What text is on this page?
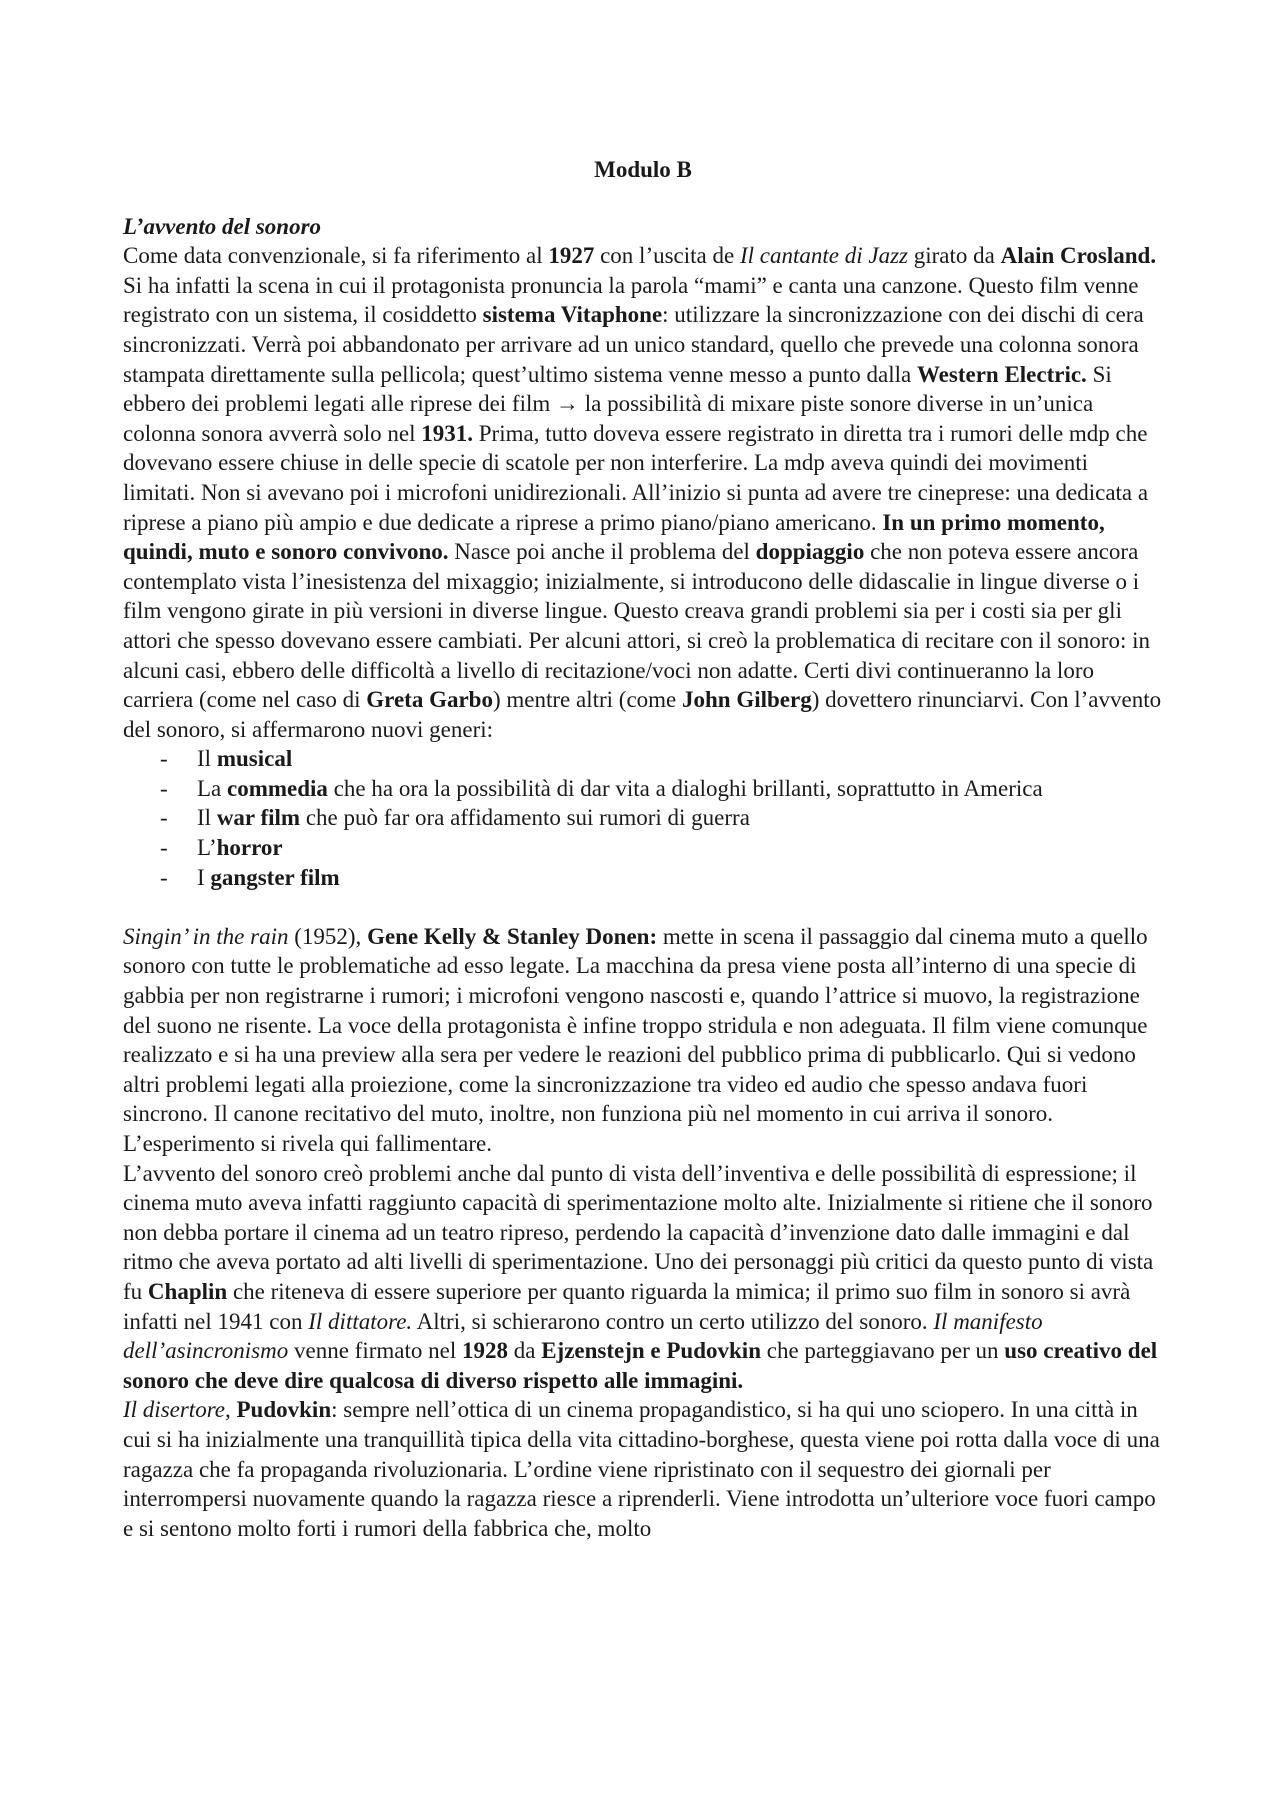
Modulo B

L’avvento del sonoro

Come data convenzionale, si fa riferimento al 1927 con l’uscita de Il cantante di Jazz girato da Alain Crosland. Si ha infatti la scena in cui il protagonista pronuncia la parola “mami” e canta una canzone. Questo film venne registrato con un sistema, il cosiddetto sistema Vitaphone: utilizzare la sincronizzazione con dei dischi di cera sincronizzati. Verrà poi abbandonato per arrivare ad un unico standard, quello che prevede una colonna sonora stampata direttamente sulla pellicola; quest’ultimo sistema venne messo a punto dalla Western Electric. Si ebbero dei problemi legati alle riprese dei film → la possibilità di mixare piste sonore diverse in un’unica colonna sonora avverrà solo nel 1931. Prima, tutto doveva essere registrato in diretta tra i rumori delle mdp che dovevano essere chiuse in delle specie di scatole per non interferire. La mdp aveva quindi dei movimenti limitati. Non si avevano poi i microfoni unidirezionali. All’inizio si punta ad avere tre cineprese: una dedicata a riprese a piano più ampio e due dedicate a riprese a primo piano/piano americano. In un primo momento, quindi, muto e sonoro convivono. Nasce poi anche il problema del doppiaggio che non poteva essere ancora contemplato vista l’inesistenza del mixaggio; inizialmente, si introducono delle didascalie in lingue diverse o i film vengono girate in più versioni in diverse lingue. Questo creava grandi problemi sia per i costi sia per gli attori che spesso dovevano essere cambiati. Per alcuni attori, si creò la problematica di recitare con il sonoro: in alcuni casi, ebbero delle difficoltà a livello di recitazione/voci non adatte. Certi divi continueranno la loro carriera (come nel caso di Greta Garbo) mentre altri (come John Gilberg) dovettero rinunciarvi. Con l’avvento del sonoro, si affermarono nuovi generi:

- Il musical
- La commedia che ha ora la possibilità di dar vita a dialoghi brillanti, soprattutto in America
- Il war film che può far ora affidamento sui rumori di guerra
- L’horror
- I gangster film

Singin’ in the rain (1952), Gene Kelly & Stanley Donen: mette in scena il passaggio dal cinema muto a quello sonoro con tutte le problematiche ad esso legate. La macchina da presa viene posta all’interno di una specie di gabbia per non registrarne i rumori; i microfoni vengono nascosti e, quando l’attrice si muovo, la registrazione del suono ne risente. La voce della protagonista è infine troppo stridula e non adeguata. Il film viene comunque realizzato e si ha una preview alla sera per vedere le reazioni del pubblico prima di pubblicarlo. Qui si vedono altri problemi legati alla proiezione, come la sincronizzazione tra video ed audio che spesso andava fuori sincrono. Il canone recitativo del muto, inoltre, non funziona più nel momento in cui arriva il sonoro. L’esperimento si rivela qui fallimentare.

L’avvento del sonoro creò problemi anche dal punto di vista dell’inventiva e delle possibilità di espressione; il cinema muto aveva infatti raggiunto capacità di sperimentazione molto alte. Inizialmente si ritiene che il sonoro non debba portare il cinema ad un teatro ripreso, perdendo la capacità d’invenzione dato dalle immagini e dal ritmo che aveva portato ad alti livelli di sperimentazione. Uno dei personaggi più critici da questo punto di vista fu Chaplin che riteneva di essere superiore per quanto riguarda la mimica; il primo suo film in sonoro si avrà infatti nel 1941 con Il dittatore. Altri, si schierarono contro un certo utilizzo del sonoro. Il manifesto dell’asincronismo venne firmato nel 1928 da Ejzenstejn e Pudovkin che parteggiavano per un uso creativo del sonoro che deve dire qualcosa di diverso rispetto alle immagini.

Il disertore, Pudovkin: sempre nell’ottica di un cinema propagandistico, si ha qui uno sciopero. In una città in cui si ha inizialmente una tranquillità tipica della vita cittadino-borghese, questa viene poi rotta dalla voce di una ragazza che fa propaganda rivoluzionaria. L’ordine viene ripristinato con il sequestro dei giornali per interrompersi nuovamente quando la ragazza riesce a riprenderli. Viene introdotta un’ulteriore voce fuori campo e si sentono molto forti i rumori della fabbrica che, molto
